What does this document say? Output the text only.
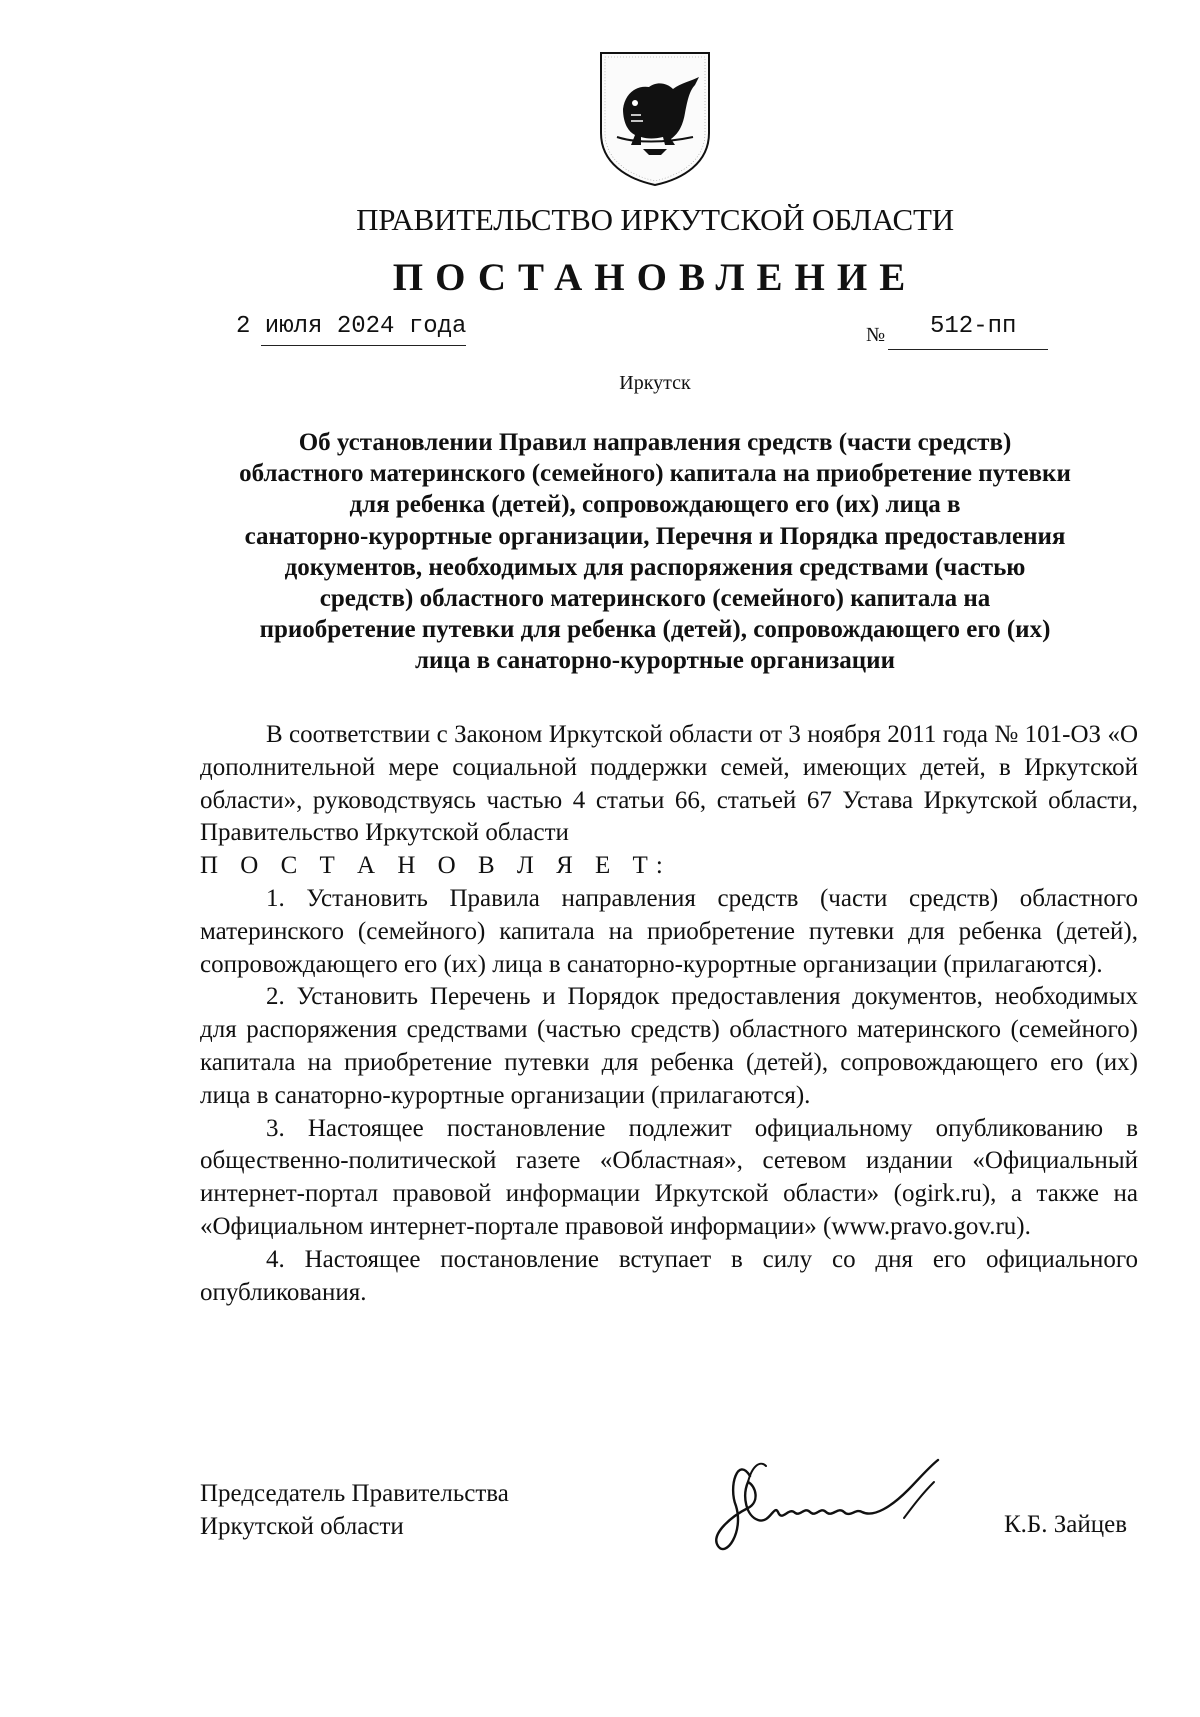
ПРАВИТЕЛЬСТВО ИРКУТСКОЙ ОБЛАСТИ
ПОСТАНОВЛЕНИЕ
2 июля 2024 года	№ 512-пп
Иркутск
Об установлении Правил направления средств (части средств)
областного материнского (семейного) капитала на приобретение путевки
для ребенка (детей), сопровождающего его (их) лица в
санаторно-курортные организации, Перечня и Порядка предоставления
документов, необходимых для распоряжения средствами (частью
средств) областного материнского (семейного) капитала на
приобретение путевки для ребенка (детей), сопровождающего его (их)
лица в санаторно-курортные организации

В соответствии с Законом Иркутской области от 3 ноября 2011 года № 101-ОЗ «О дополнительной мере социальной поддержки семей, имеющих детей, в Иркутской области», руководствуясь частью 4 статьи 66, статьей 67 Устава Иркутской области, Правительство Иркутской области

П О С Т А Н О В Л Я Е Т:

1. Установить Правила направления средств (части средств) областного материнского (семейного) капитала на приобретение путевки для ребенка (детей), сопровождающего его (их) лица в санаторно-курортные организации (прилагаются).

2. Установить Перечень и Порядок предоставления документов, необходимых для распоряжения средствами (частью средств) областного материнского (семейного) капитала на приобретение путевки для ребенка (детей), сопровождающего его (их) лица в санаторно-курортные организации (прилагаются).

3. Настоящее постановление подлежит официальному опубликованию в общественно-политической газете «Областная», сетевом издании «Официальный интернет-портал правовой информации Иркутской области» (ogirk.ru), а также на «Официальном интернет-портале правовой информации» (www.pravo.gov.ru).

4. Настоящее постановление вступает в силу со дня его официального опубликования.

Председатель Правительства
Иркутской области	К.Б. Зайцев
